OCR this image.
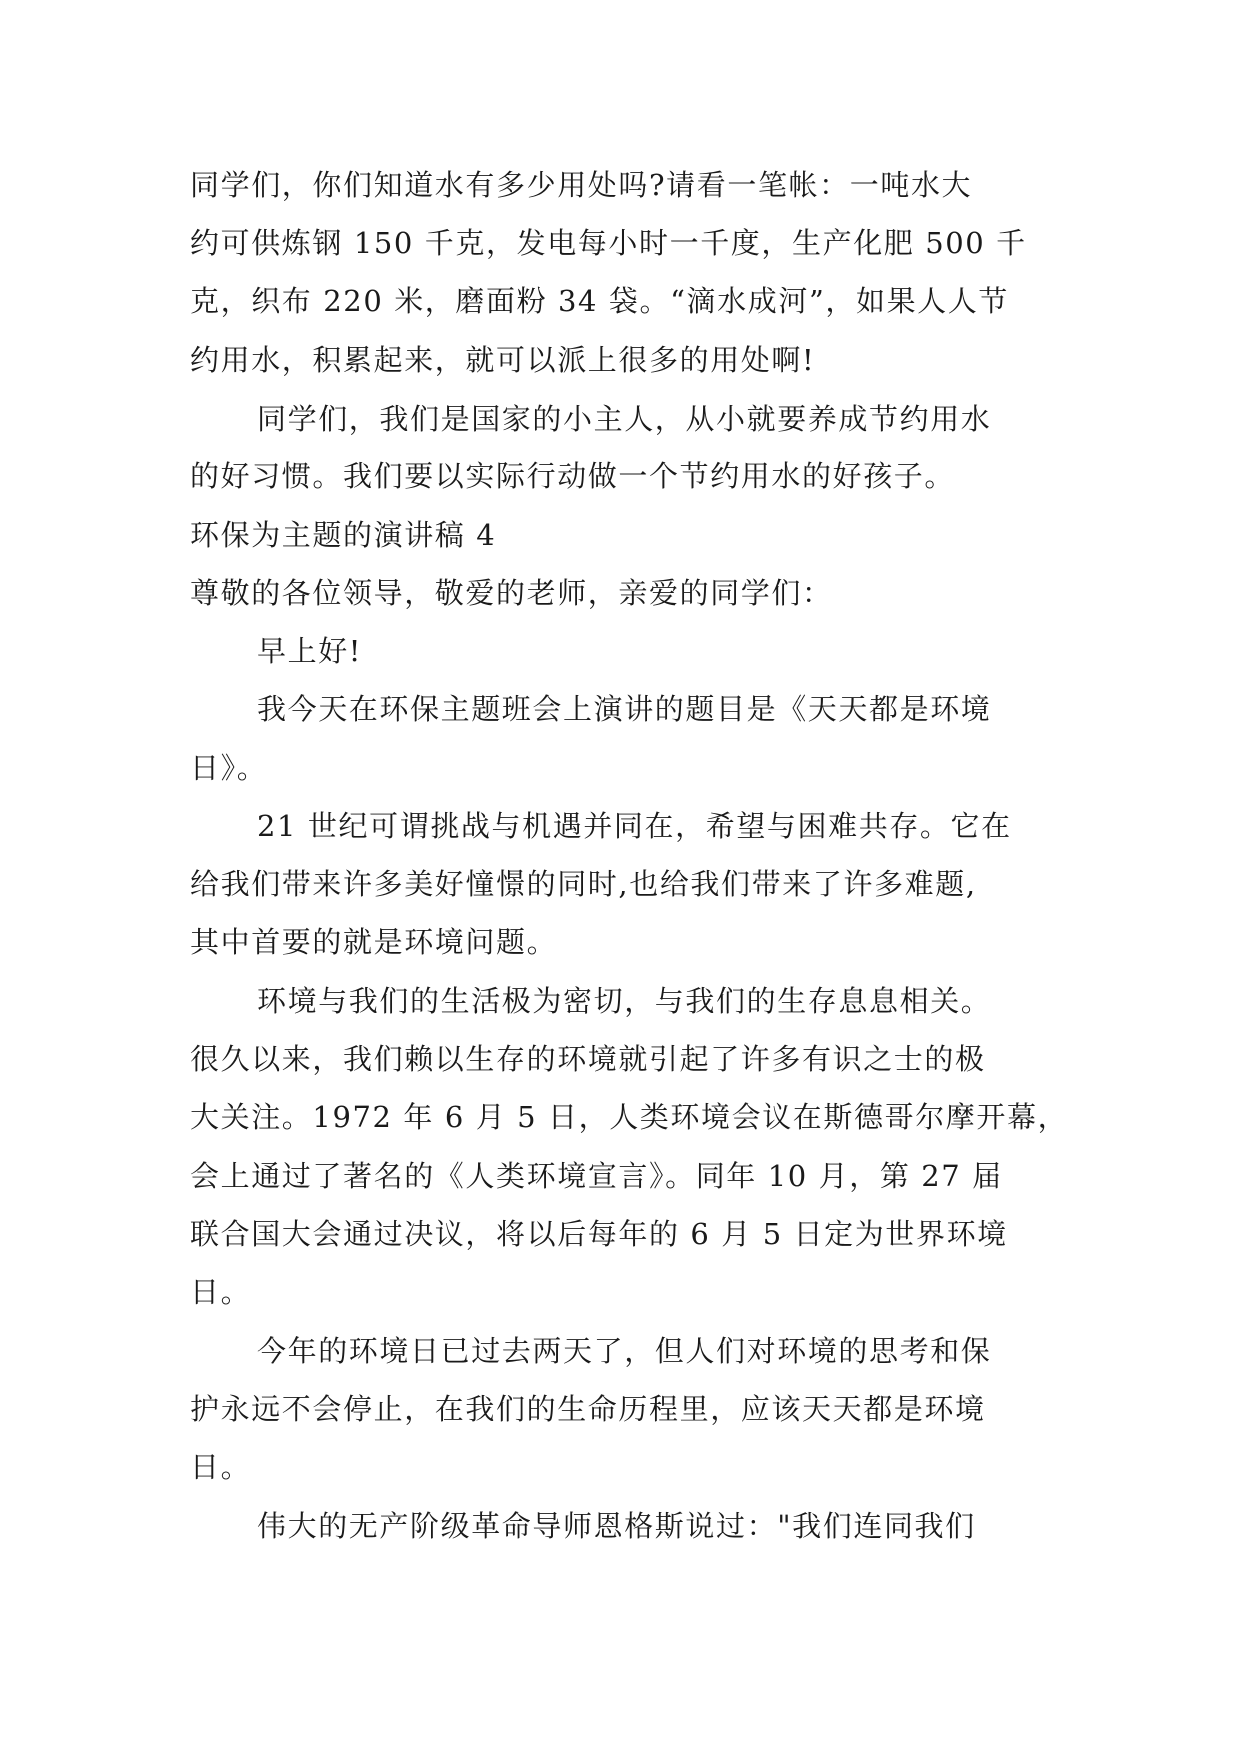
同学们，你们知道水有多少用处吗?请看一笔帐：一吨水大
约可供炼钢 150 千克，发电每小时一千度，生产化肥 500 千
克，织布 220 米，磨面粉 34 袋。“滴水成河”，如果人人节
约用水，积累起来，就可以派上很多的用处啊!
同学们，我们是国家的小主人，从小就要养成节约用水
的好习惯。我们要以实际行动做一个节约用水的好孩子。
环保为主题的演讲稿 4
尊敬的各位领导，敬爱的老师，亲爱的同学们：
早上好!
我今天在环保主题班会上演讲的题目是《天天都是环境
日》。
21 世纪可谓挑战与机遇并同在，希望与困难共存。它在
给我们带来许多美好憧憬的同时,也给我们带来了许多难题,
其中首要的就是环境问题。
环境与我们的生活极为密切，与我们的生存息息相关。
很久以来，我们赖以生存的环境就引起了许多有识之士的极
大关注。1972 年 6 月 5 日，人类环境会议在斯德哥尔摩开幕，
会上通过了著名的《人类环境宣言》。同年 10 月，第 27 届
联合国大会通过决议，将以后每年的 6 月 5 日定为世界环境
日。
今年的环境日已过去两天了，但人们对环境的思考和保
护永远不会停止，在我们的生命历程里，应该天天都是环境
日。
伟大的无产阶级革命导师恩格斯说过："我们连同我们
